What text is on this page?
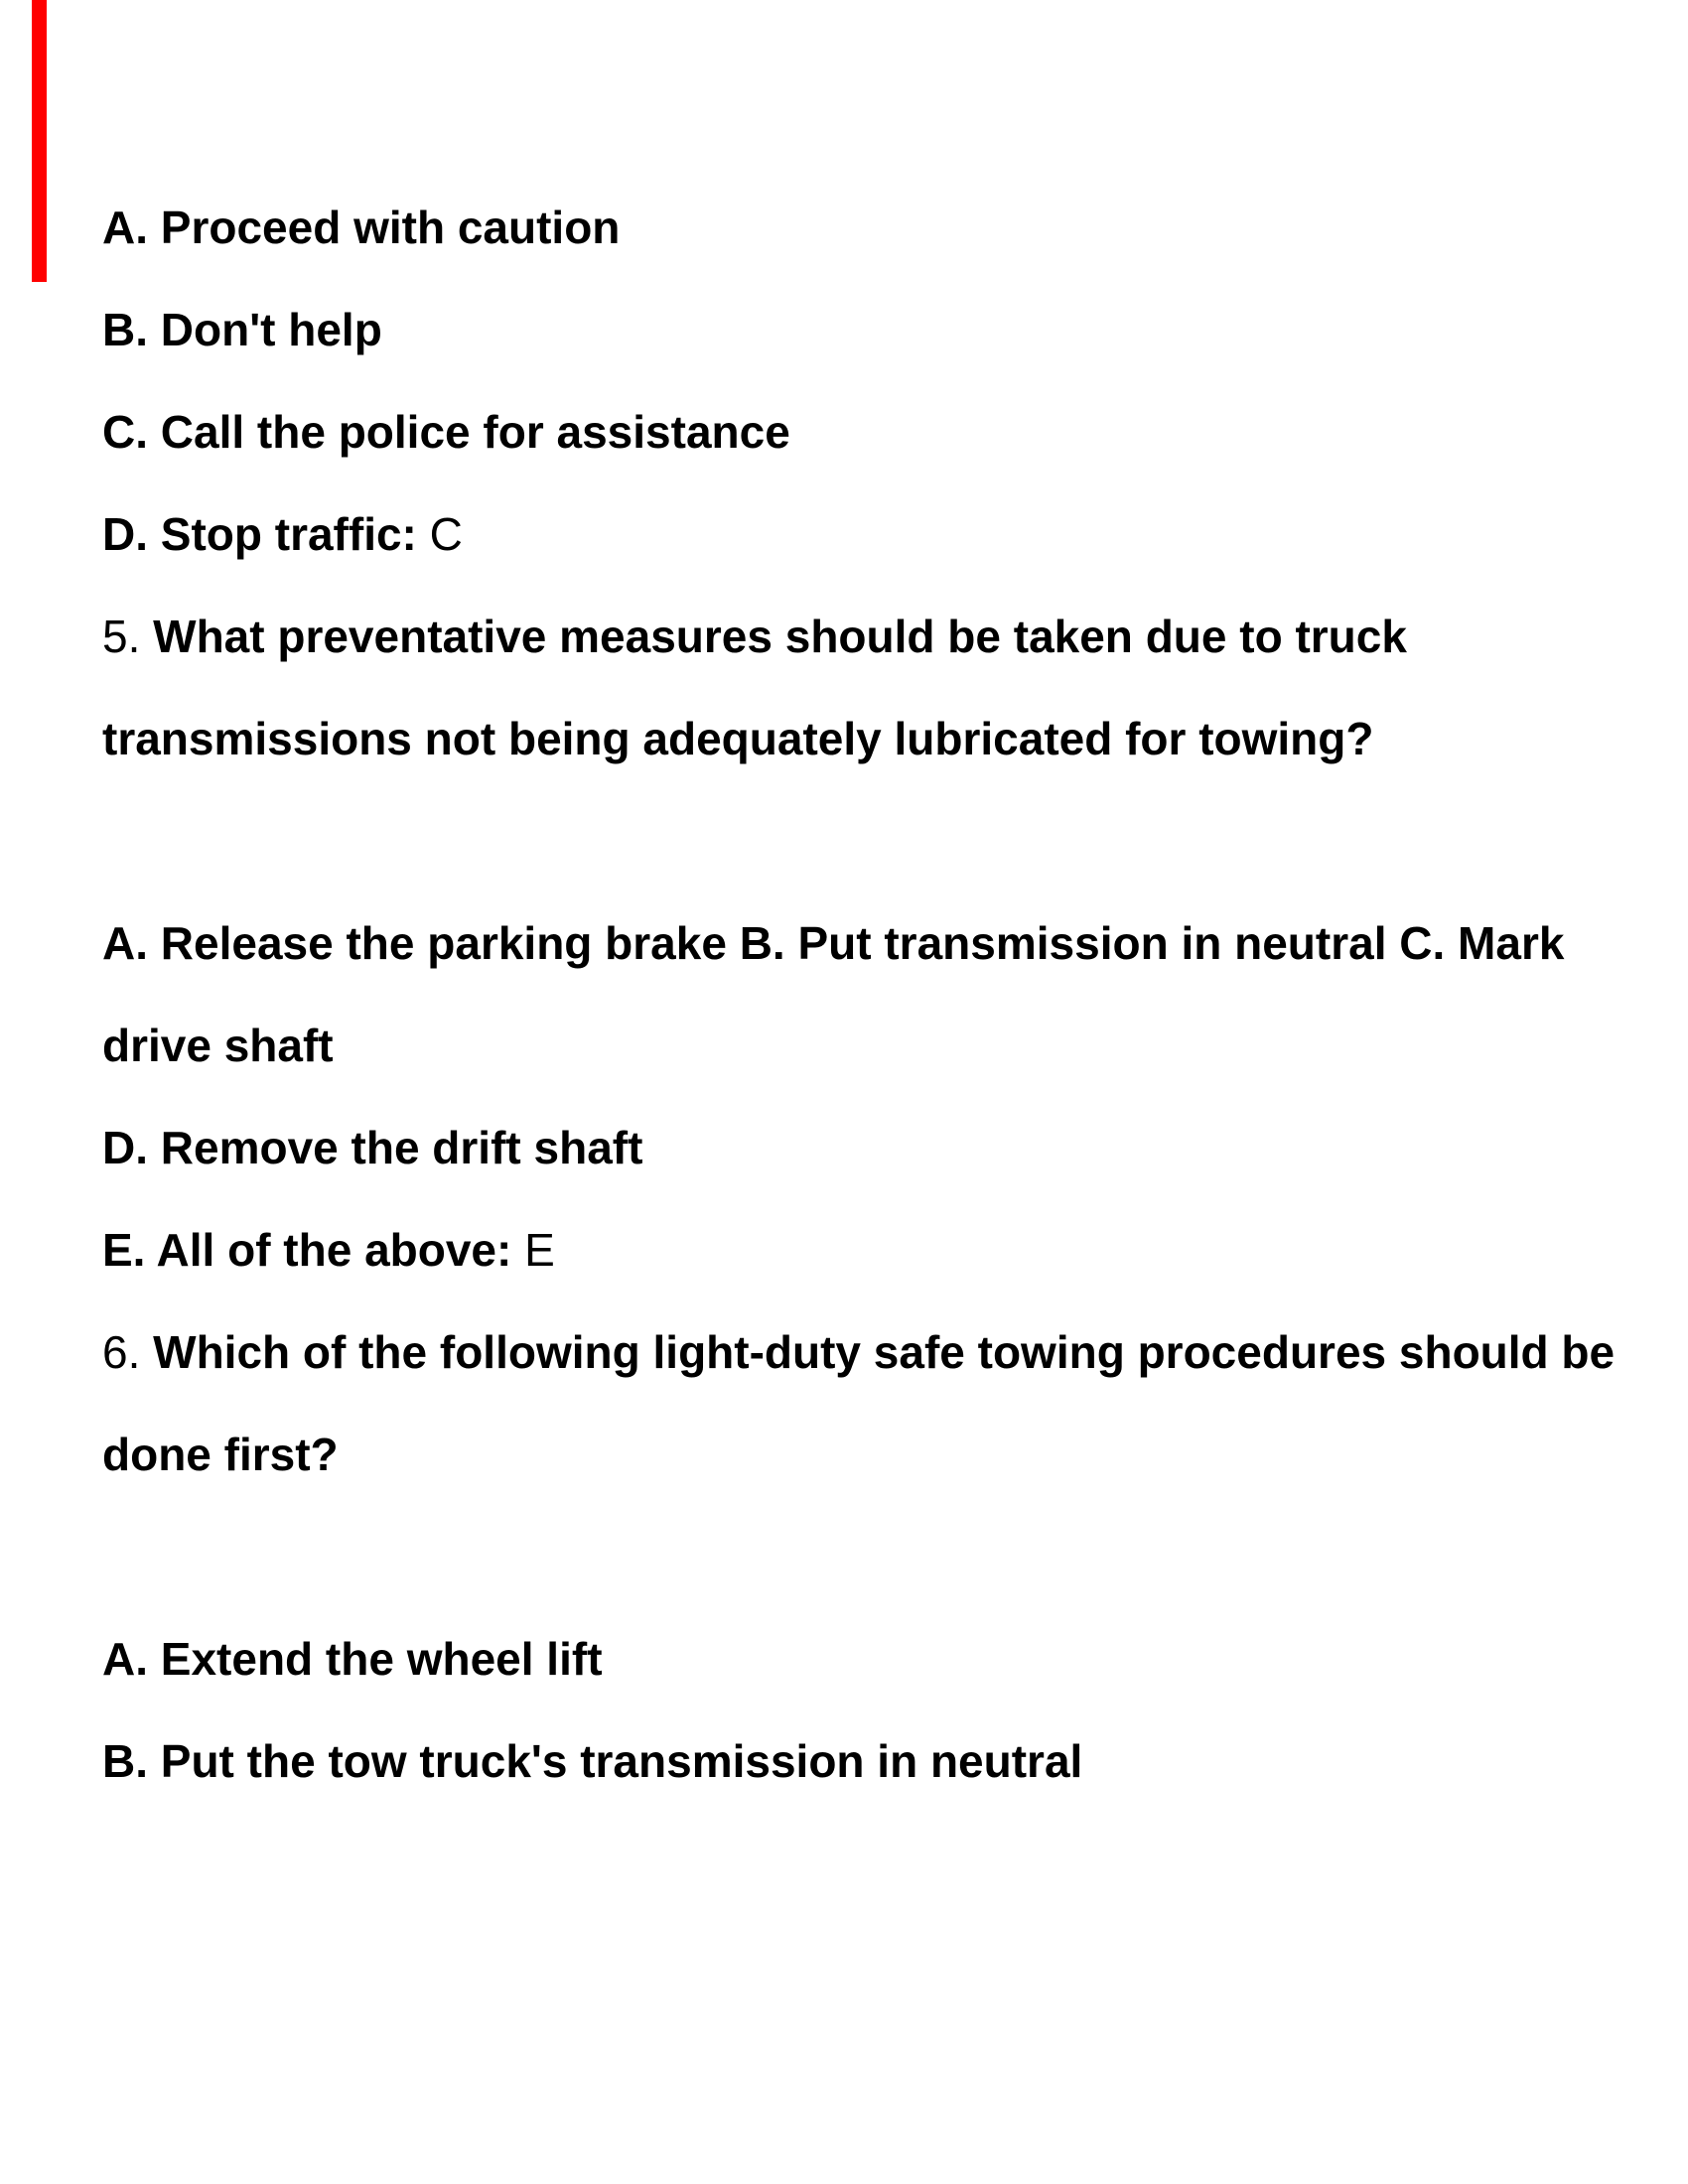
A. Proceed with caution
B. Don't help
C. Call the police for assistance
D. Stop traffic: C
5. What preventative measures should be taken due to truck
transmissions not being adequately lubricated for towing?
A. Release the parking brake B. Put transmission in neutral C. Mark
drive shaft
D. Remove the drift shaft
E. All of the above: E
6. Which of the following light-duty safe towing procedures should be
done first?
A. Extend the wheel lift
B. Put the tow truck's transmission in neutral
